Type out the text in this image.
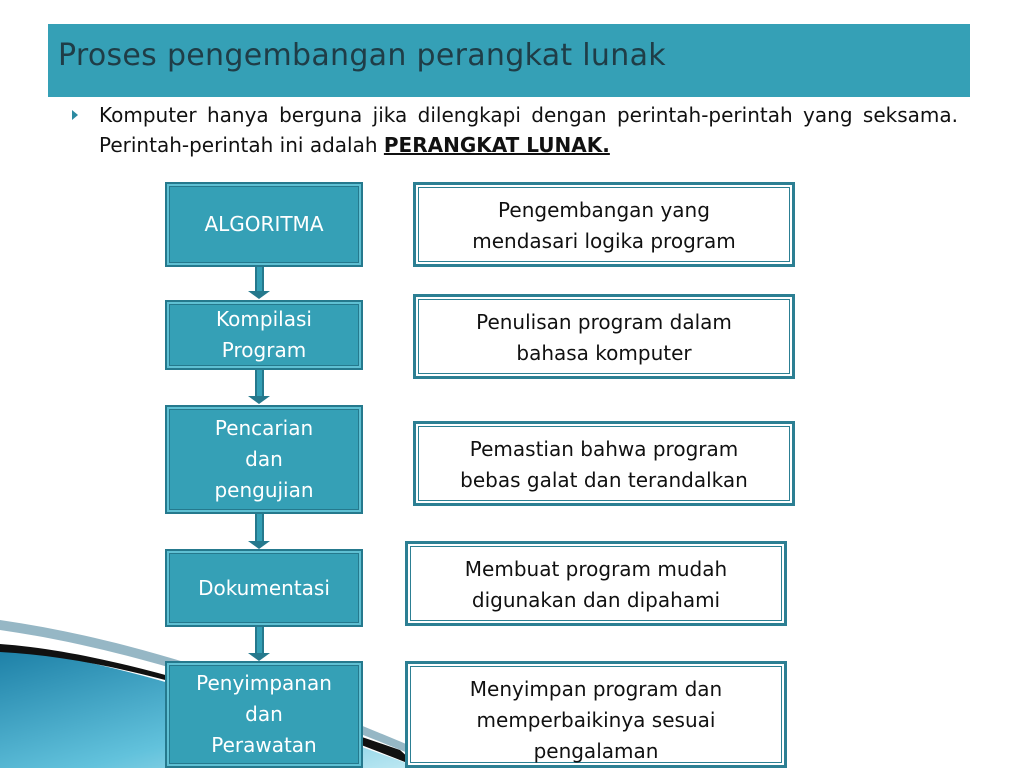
Proses pengembangan perangkat lunak
Komputer hanya berguna jika dilengkapi dengan perintah-perintah yang seksama. Perintah-perintah ini adalah PERANGKAT LUNAK.
ALGORITMA
Kompilasi
Program
Pencarian
dan
pengujian
Dokumentasi
Penyimpanan
dan
Perawatan
Pengembangan yang
mendasari logika program
Penulisan program dalam
bahasa komputer
Pemastian bahwa program
bebas galat dan terandalkan
Membuat program mudah
digunakan dan dipahami
Menyimpan program dan
memperbaikinya sesuai
pengalaman
